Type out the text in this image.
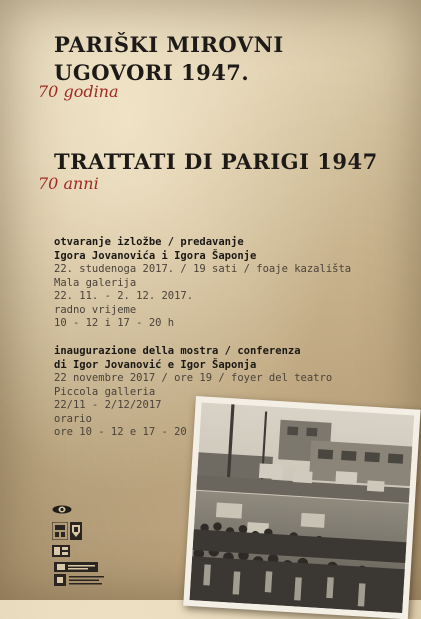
PARIŠKI MIROVNI
UGOVORI 1947.
70 godina
TRATTATI DI PARIGI 1947
70 anni
otvaranje izložbe / predavanje
Igora Jovanovića i Igora Šaponje
22. studenoga 2017. / 19 sati / foaje kazališta
Mala galerija
22. 11. - 2. 12. 2017.
radno vrijeme
10 - 12 i 17 - 20 h
inaugurazione della mostra / conferenza
di Igor Jovanović e Igor Šaponja
22 novembre 2017 / ore 19 / foyer del teatro
Piccola galleria
22/11 - 2/12/2017
orario
ore 10 - 12 e 17 - 20
